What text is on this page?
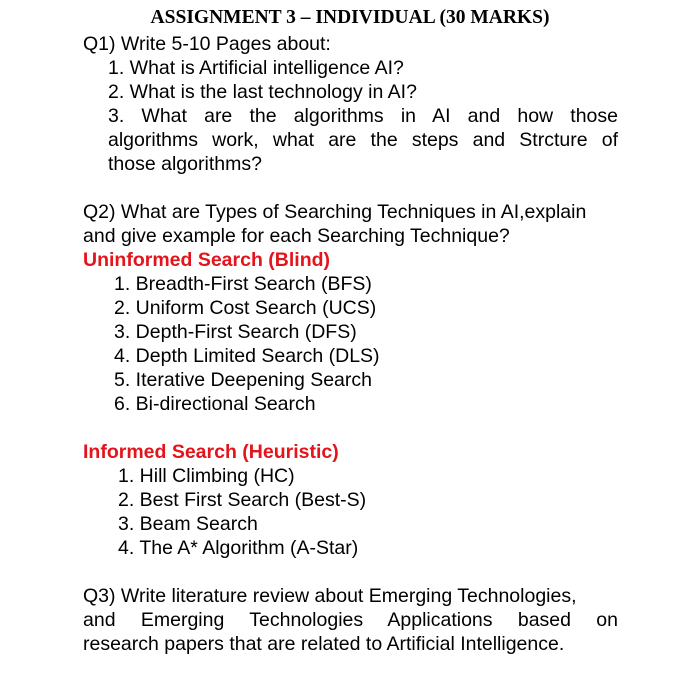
ASSIGNMENT 3 – INDIVIDUAL (30 MARKS)
Q1) Write 5-10 Pages about:
1. What is Artificial intelligence AI?
2. What is the last technology in AI?
3. What are the algorithms in AI and how those
algorithms work, what are the steps and Strcture of
those algorithms?
Q2) What are Types of Searching Techniques in AI,explain
and give example for each Searching Technique?
Uninformed Search (Blind)
1. Breadth-First Search (BFS)
2. Uniform Cost Search (UCS)
3. Depth-First Search (DFS)
4. Depth Limited Search (DLS)
5. Iterative Deepening Search
6. Bi-directional Search
Informed Search (Heuristic)
1. Hill Climbing (HC)
2. Best First Search (Best-S)
3. Beam Search
4. The A* Algorithm (A-Star)
Q3) Write literature review about Emerging Technologies,
and Emerging Technologies Applications based on
research papers that are related to Artificial Intelligence.
